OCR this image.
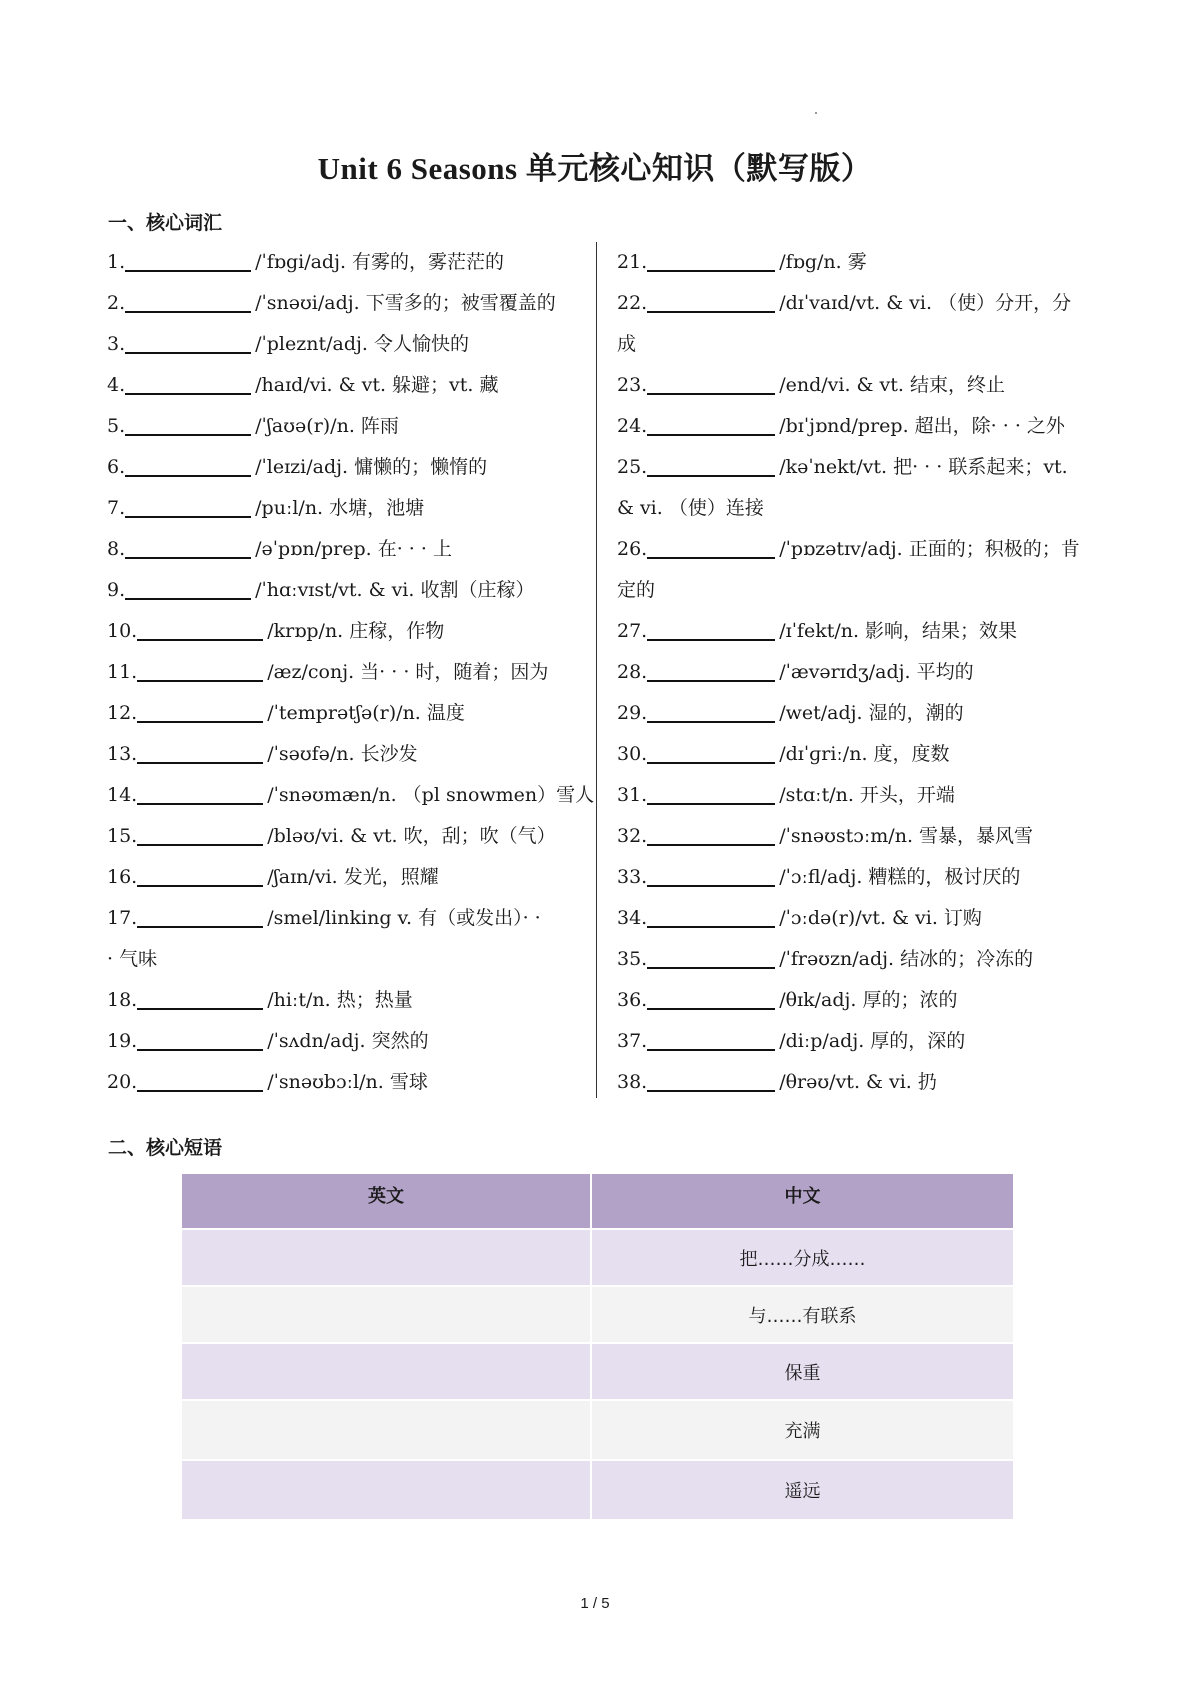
Unit 6 Seasons 单元核心知识（默写版）
一、核心词汇
1.	/ˈfɒgi/adj. 有雾的，雾茫茫的
2.	/ˈsnəʊi/adj. 下雪多的；被雪覆盖的
3.	/ˈpleznt/adj. 令人愉快的
4.	/haɪd/vi. & vt. 躲避；vt. 藏
5.	/ˈʃaʊə(r)/n. 阵雨
6.	/ˈleɪzi/adj. 慵懒的；懒惰的
7.	/puːl/n. 水塘，池塘
8.	/əˈpɒn/prep. 在· · · 上
9.	/ˈhɑːvɪst/vt. & vi. 收割（庄稼）
10.	/krɒp/n. 庄稼，作物
11.	/æz/conj. 当· · · 时，随着；因为
12.	/ˈtemprətʃə(r)/n. 温度
13.	/ˈsəʊfə/n. 长沙发
14.	/ˈsnəʊmæn/n. （pl snowmen）雪人
15.	/bləʊ/vi. & vt. 吹，刮；吹（气）
16.	/ʃaɪn/vi. 发光，照耀
17.	/smel/linking v. 有（或发出）· ·
· 气味
18.	/hiːt/n. 热；热量
19.	/ˈsʌdn/adj. 突然的
20.	/ˈsnəʊbɔːl/n. 雪球
21.	/fɒg/n. 雾
22.	/dɪˈvaɪd/vt. & vi. （使）分开，分
成
23.	/end/vi. & vt. 结束，终止
24.	/bɪˈjɒnd/prep. 超出，除· · · 之外
25.	/kəˈnekt/vt. 把· · · 联系起来；vt.
& vi. （使）连接
26.	/ˈpɒzətɪv/adj. 正面的；积极的；肯
定的
27.	/ɪˈfekt/n. 影响，结果；效果
28.	/ˈævərɪdʒ/adj. 平均的
29.	/wet/adj. 湿的，潮的
30.	/dɪˈɡriː/n. 度，度数
31.	/stɑːt/n. 开头，开端
32.	/ˈsnəʊstɔːm/n. 雪暴，暴风雪
33.	/ˈɔːfl/adj. 糟糕的，极讨厌的
34.	/ˈɔːdə(r)/vt. & vi. 订购
35.	/ˈfrəʊzn/adj. 结冰的；冷冻的
36.	/θɪk/adj. 厚的；浓的
37.	/diːp/adj. 厚的，深的
38.	/θrəʊ/vt. & vi. 扔
二、核心短语
英文	中文
	把……分成……
	与……有联系
	保重
	充满
	遥远
1 / 5
